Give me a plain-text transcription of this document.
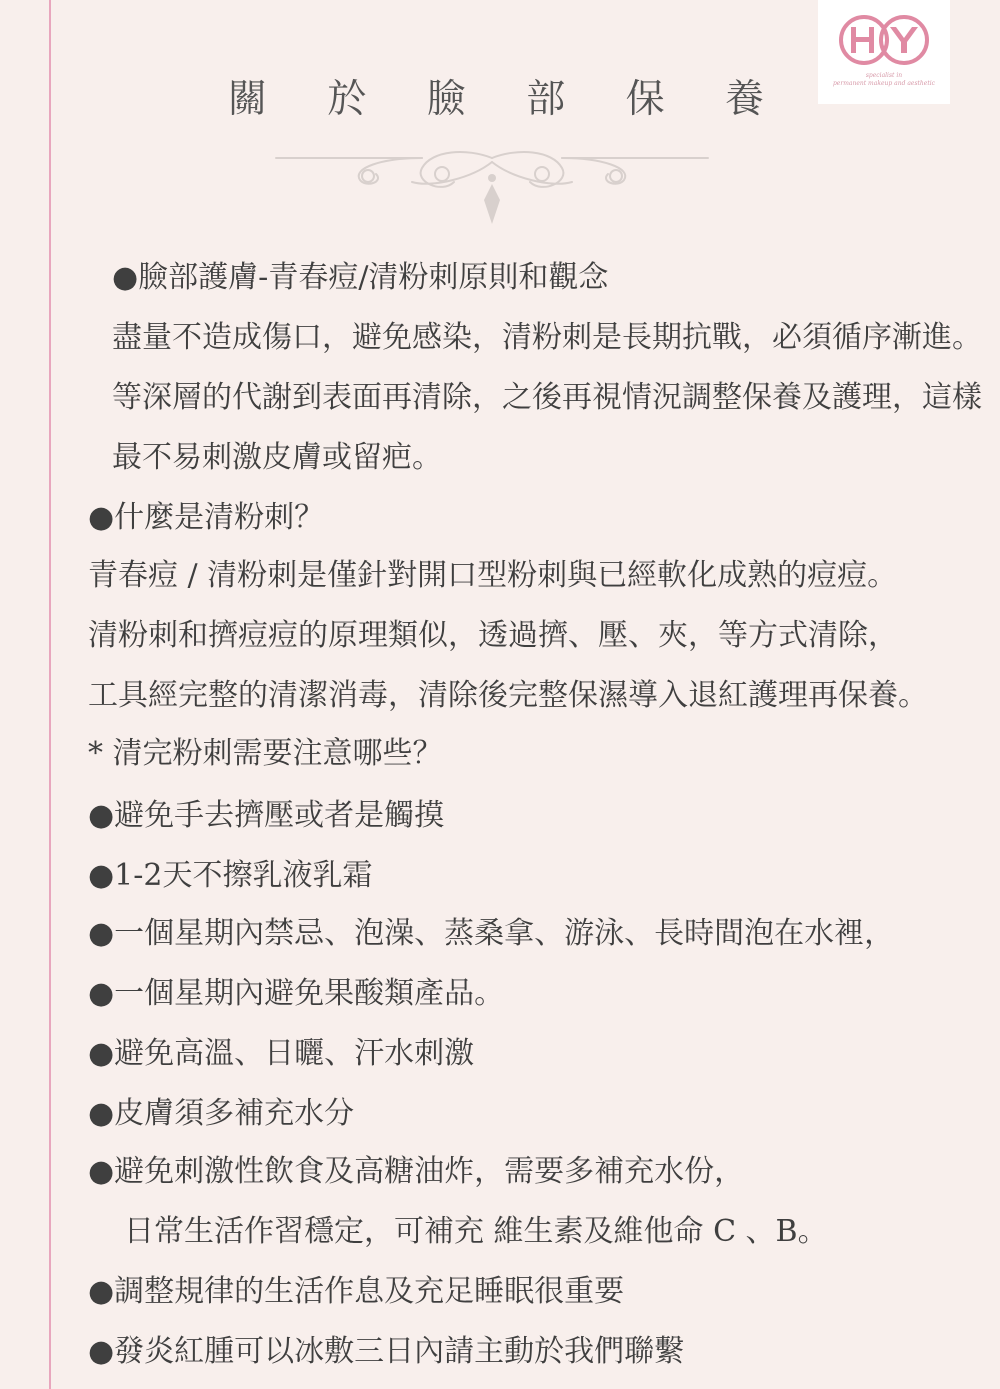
specialist in
permanent makeup and aesthetic
關 於 臉 部 保 養
●臉部護膚-青春痘/清粉刺原則和觀念
盡量不造成傷口，避免感染，清粉刺是長期抗戰，必須循序漸進。
等深層的代謝到表面再清除，之後再視情況調整保養及護理，這樣
最不易刺激皮膚或留疤。
●什麼是清粉刺？
青春痘 / 清粉刺是僅針對開口型粉刺與已經軟化成熟的痘痘。
清粉刺和擠痘痘的原理類似，透過擠、壓、夾，等方式清除，
工具經完整的清潔消毒，清除後完整保濕導入退紅護理再保養。
* 清完粉刺需要注意哪些？
●避免手去擠壓或者是觸摸
●1-2天不擦乳液乳霜
●一個星期內禁忌、泡澡、蒸桑拿、游泳、長時間泡在水裡，
●一個星期內避免果酸類產品。
●避免高溫、日曬、汗水刺激
●皮膚須多補充水分
●避免刺激性飲食及高糖油炸，需要多補充水份，
日常生活作習穩定，可補充 維生素及維他命 C 、B。
●調整規律的生活作息及充足睡眠很重要
●發炎紅腫可以冰敷三日內請主動於我們聯繫
